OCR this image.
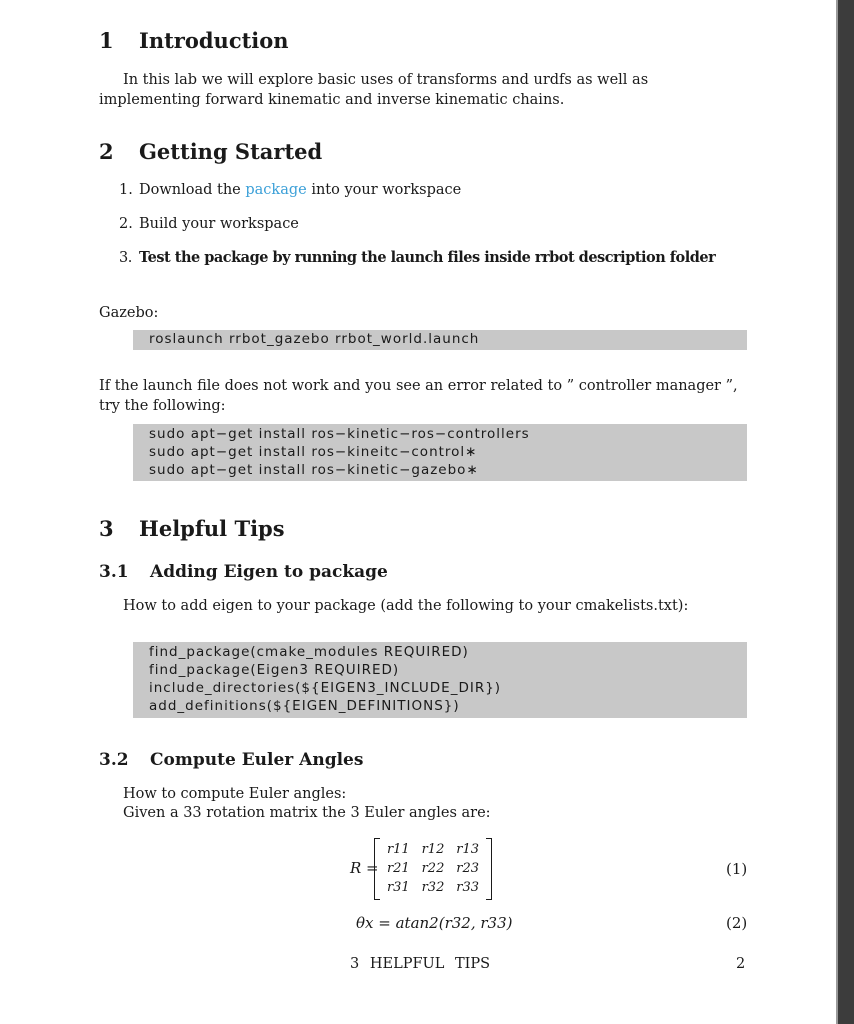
1 Introduction
In this lab we will explore basic uses of transforms and urdfs as well as implementing forward kinematic and inverse kinematic chains.
2 Getting Started
1. Download the package into your workspace
2. Build your workspace
3. Test the package by running the launch files inside rrbot description folder
Gazebo:
roslaunch rrbot_gazebo rrbot_world.launch
If the launch file does not work and you see an error related to ” controller manager ”, try the following:
sudo apt−get install ros−kinetic−ros−controllers
sudo apt−get install ros−kineitc−control∗
sudo apt−get install ros−kinetic−gazebo∗
3 Helpful Tips
3.1 Adding Eigen to package
How to add eigen to your package (add the following to your cmakelists.txt):
find_package(cmake_modules REQUIRED)
find_package(Eigen3 REQUIRED)
include_directories(${EIGEN3_INCLUDE_DIR})
add_definitions(${EIGEN_DEFINITIONS})
3.2 Compute Euler Angles
How to compute Euler angles:
Given a 33 rotation matrix the 3 Euler angles are:
R =
r11 r12 r13
r21 r22 r23
r31 r32 r33
(1)
θx = atan2(r32, r33)	(2)
3 HELPFUL TIPS	2
